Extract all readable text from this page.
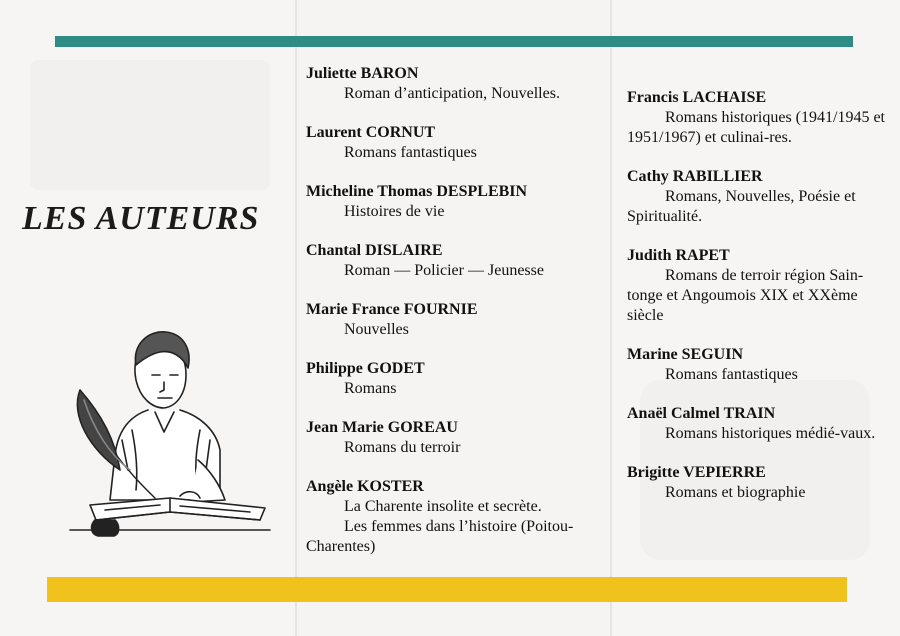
LES AUTEURS
Juliette BARON
Roman d’anticipation, Nouvelles.
Laurent CORNUT
Romans fantastiques
Micheline Thomas DESPLEBIN
Histoires de vie
Chantal DISLAIRE
Roman — Policier — Jeunesse
Marie France FOURNIE
Nouvelles
Philippe GODET
Romans
Jean Marie GOREAU
Romans du terroir
Angèle KOSTER
La Charente insolite et secrète.
Les femmes dans l’histoire (Poitou-Charentes)
Francis LACHAISE
Romans historiques (1941/1945 et 1951/1967) et culinai-res.
Cathy RABILLIER
Romans, Nouvelles, Poésie et Spiritualité.
Judith RAPET
Romans de terroir région Sain-tonge et Angoumois XIX et XXème siècle
Marine SEGUIN
Romans fantastiques
Anaël Calmel TRAIN
Romans historiques médié-vaux.
Brigitte VEPIERRE
Romans et biographie
